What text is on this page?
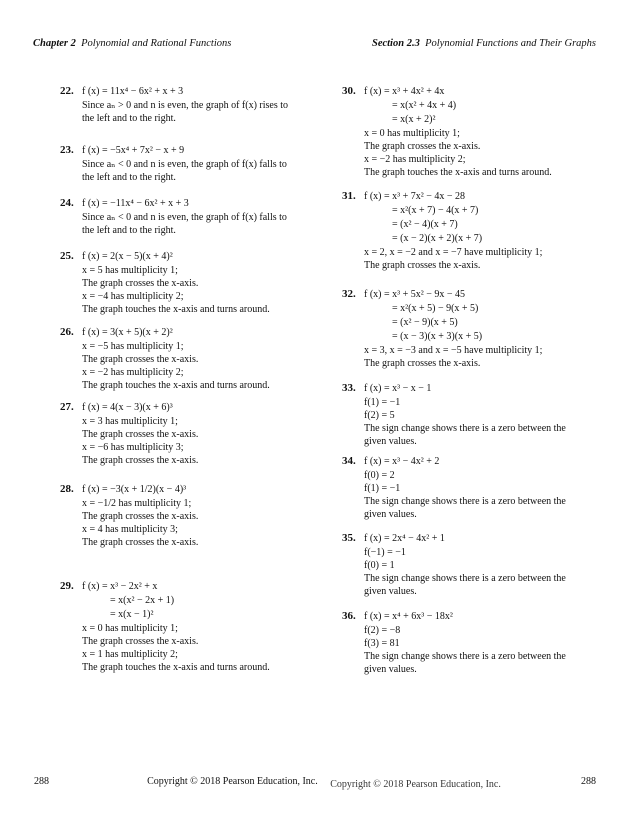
Chapter 2 Polynomial and Rational Functions	Section 2.3 Polynomial Functions and Their Graphs
22. f (x) = 11x⁴ − 6x² + x + 3
Since aₙ > 0 and n is even, the graph of f(x) rises to
the left and to the right.
23. f (x) = −5x⁴ + 7x² − x + 9
Since aₙ < 0 and n is even, the graph of f(x) falls to
the left and to the right.
24. f (x) = −11x⁴ − 6x² + x + 3
Since aₙ < 0 and n is even, the graph of f(x) falls to
the left and to the right.
25. f (x) = 2(x − 5)(x + 4)²
x = 5 has multiplicity 1;
The graph crosses the x-axis.
x = −4 has multiplicity 2;
The graph touches the x-axis and turns around.
26. f (x) = 3(x + 5)(x + 2)²
x = −5 has multiplicity 1;
The graph crosses the x-axis.
x = −2 has multiplicity 2;
The graph touches the x-axis and turns around.
27. f (x) = 4(x − 3)(x + 6)³
x = 3 has multiplicity 1;
The graph crosses the x-axis.
x = −6 has multiplicity 3;
The graph crosses the x-axis.
28. f (x) = −3(x + 1/2)(x − 4)³
x = −1/2 has multiplicity 1;
The graph crosses the x-axis.
x = 4 has multiplicity 3;
The graph crosses the x-axis.
29. f (x) = x³ − 2x² + x
= x(x² − 2x + 1)
= x(x − 1)²
x = 0 has multiplicity 1;
The graph crosses the x-axis.
x = 1 has multiplicity 2;
The graph touches the x-axis and turns around.
30. f (x) = x³ + 4x² + 4x
= x(x² + 4x + 4)
= x(x + 2)²
x = 0 has multiplicity 1;
The graph crosses the x-axis.
x = −2 has multiplicity 2;
The graph touches the x-axis and turns around.
31. f (x) = x³ + 7x² − 4x − 28
= x²(x + 7) − 4(x + 7)
= (x² − 4)(x + 7)
= (x − 2)(x + 2)(x + 7)
x = 2, x = −2 and x = −7 have multiplicity 1;
The graph crosses the x-axis.
32. f (x) = x³ + 5x² − 9x − 45
= x²(x + 5) − 9(x + 5)
= (x² − 9)(x + 5)
= (x − 3)(x + 3)(x + 5)
x = 3, x = −3 and x = −5 have multiplicity 1;
The graph crosses the x-axis.
33. f (x) = x³ − x − 1
f(1) = −1
f(2) = 5
The sign change shows there is a zero between the
given values.
34. f (x) = x³ − 4x² + 2
f(0) = 2
f(1) = −1
The sign change shows there is a zero between the
given values.
35. f (x) = 2x⁴ − 4x² + 1
f(−1) = −1
f(0) = 1
The sign change shows there is a zero between the
given values.
36. f (x) = x⁴ + 6x³ − 18x²
f(2) = −8
f(3) = 81
The sign change shows there is a zero between the
given values.
288	Copyright © 2018 Pearson Education, Inc. Copyright © 2018 Pearson Education, Inc.	288
